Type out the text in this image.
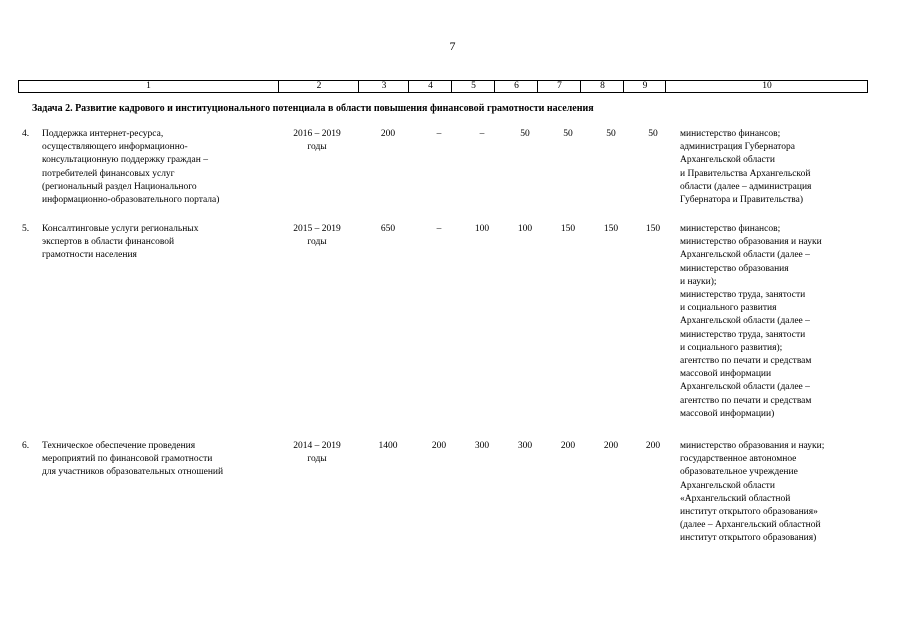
7
1	2	3	4	5	6	7	8	9	10
Задача 2. Развитие кадрового и институционального потенциала в области повышения финансовой грамотности населения
4. Поддержка интернет-ресурса,
осуществляющего информационно-
консультационную поддержку граждан –
потребителей финансовых услуг
(региональный раздел Национального
информационно-образовательного портала)
2016 – 2019
годы
200	–	–	50	50	50	50	министерство финансов;
администрация Губернатора
Архангельской области
и Правительства Архангельской
области (далее – администрация
Губернатора и Правительства)
5. Консалтинговые услуги региональных
экспертов в области финансовой
грамотности населения
2015 – 2019
годы
650	–	100	100	150	150	150	министерство финансов;
министерство образования и науки
Архангельской области (далее –
министерство образования
и науки);
министерство труда, занятости
и социального развития
Архангельской области (далее –
министерство труда, занятости
и социального развития);
агентство по печати и средствам
массовой информации
Архангельской области (далее –
агентство по печати и средствам
массовой информации)
6. Техническое обеспечение проведения
мероприятий по финансовой грамотности
для участников образовательных отношений
2014 – 2019
годы
1400	200	300	300	200	200	200	министерство образования и науки;
государственное автономное
образовательное учреждение
Архангельской области
«Архангельский областной
институт открытого образования»
(далее – Архангельский областной
институт открытого образования)
